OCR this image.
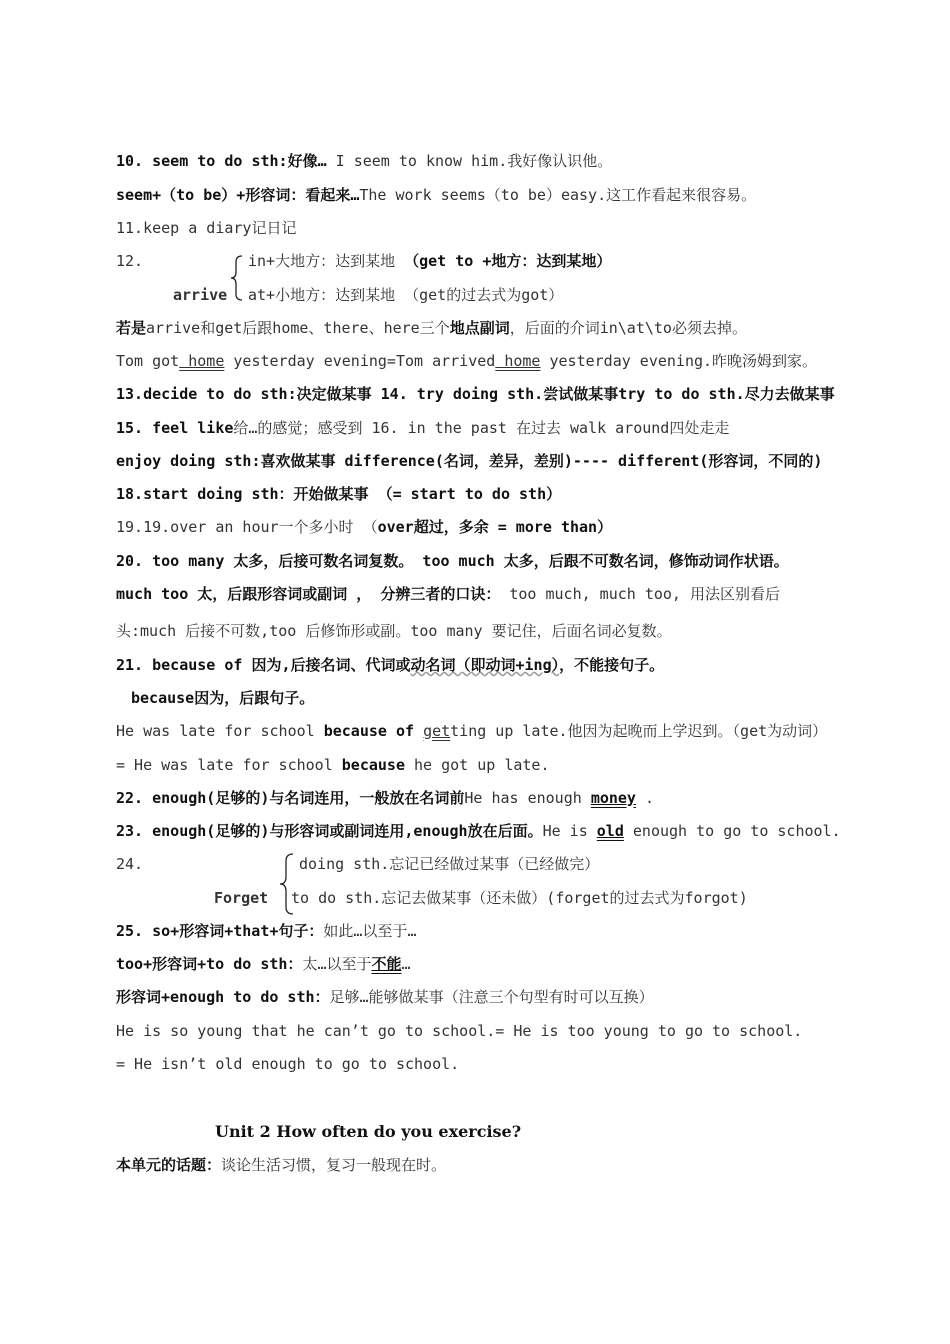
10. seem to do sth:好像… I seem to know him.我好像认识他。
seem+（to be）+形容词：看起来…The work seems（to be）easy.这工作看起来很容易。
11.keep a diary记日记
12.	in+大地方：达到某地 （get to +地方：达到某地）
arrive at+小地方：达到某地 （get的过去式为got）
若是arrive和get后跟home、there、here三个地点副词，后面的介词in\at\to必须去掉。
Tom got home yesterday evening=Tom arrived home yesterday evening.昨晚汤姆到家。
13.decide to do sth:决定做某事 14. try doing sth.尝试做某事try to do sth.尽力去做某事
15. feel like给…的感觉；感受到 16. in the past 在过去 walk around四处走走
enjoy doing sth:喜欢做某事 difference(名词，差异，差别)---- different(形容词，不同的)
18.start doing sth：开始做某事 （= start to do sth）
19.19.over an hour一个多小时 （over超过，多余 = more than）
20. too many 太多，后接可数名词复数。 too much 太多，后跟不可数名词，修饰动词作状语。
much too 太，后跟形容词或副词 ， 分辨三者的口诀： too much, much too, 用法区别看后
头:much 后接不可数,too 后修饰形或副。too many 要记住，后面名词必复数。
21. because of 因为,后接名词、代词或动名词（即动词+ing），不能接句子。
because因为，后跟句子。
He was late for school because of getting up late.他因为起晚而上学迟到。（get为动词）
= He was late for school because he got up late.
22. enough(足够的)与名词连用，一般放在名词前He has enough money .
23. enough(足够的)与形容词或副词连用,enough放在后面。He is old enough to go to school.
24.	doing sth.忘记已经做过某事（已经做完）
Forget to do sth.忘记去做某事（还未做）(forget的过去式为forgot)
25. so+形容词+that+句子：如此…以至于…
too+形容词+to do sth：太…以至于不能…
形容词+enough to do sth：足够…能够做某事（注意三个句型有时可以互换）
He is so young that he can’t go to school.= He is too young to go to school.
= He isn’t old enough to go to school.
Unit 2 How often do you exercise?
本单元的话题：谈论生活习惯，复习一般现在时。
